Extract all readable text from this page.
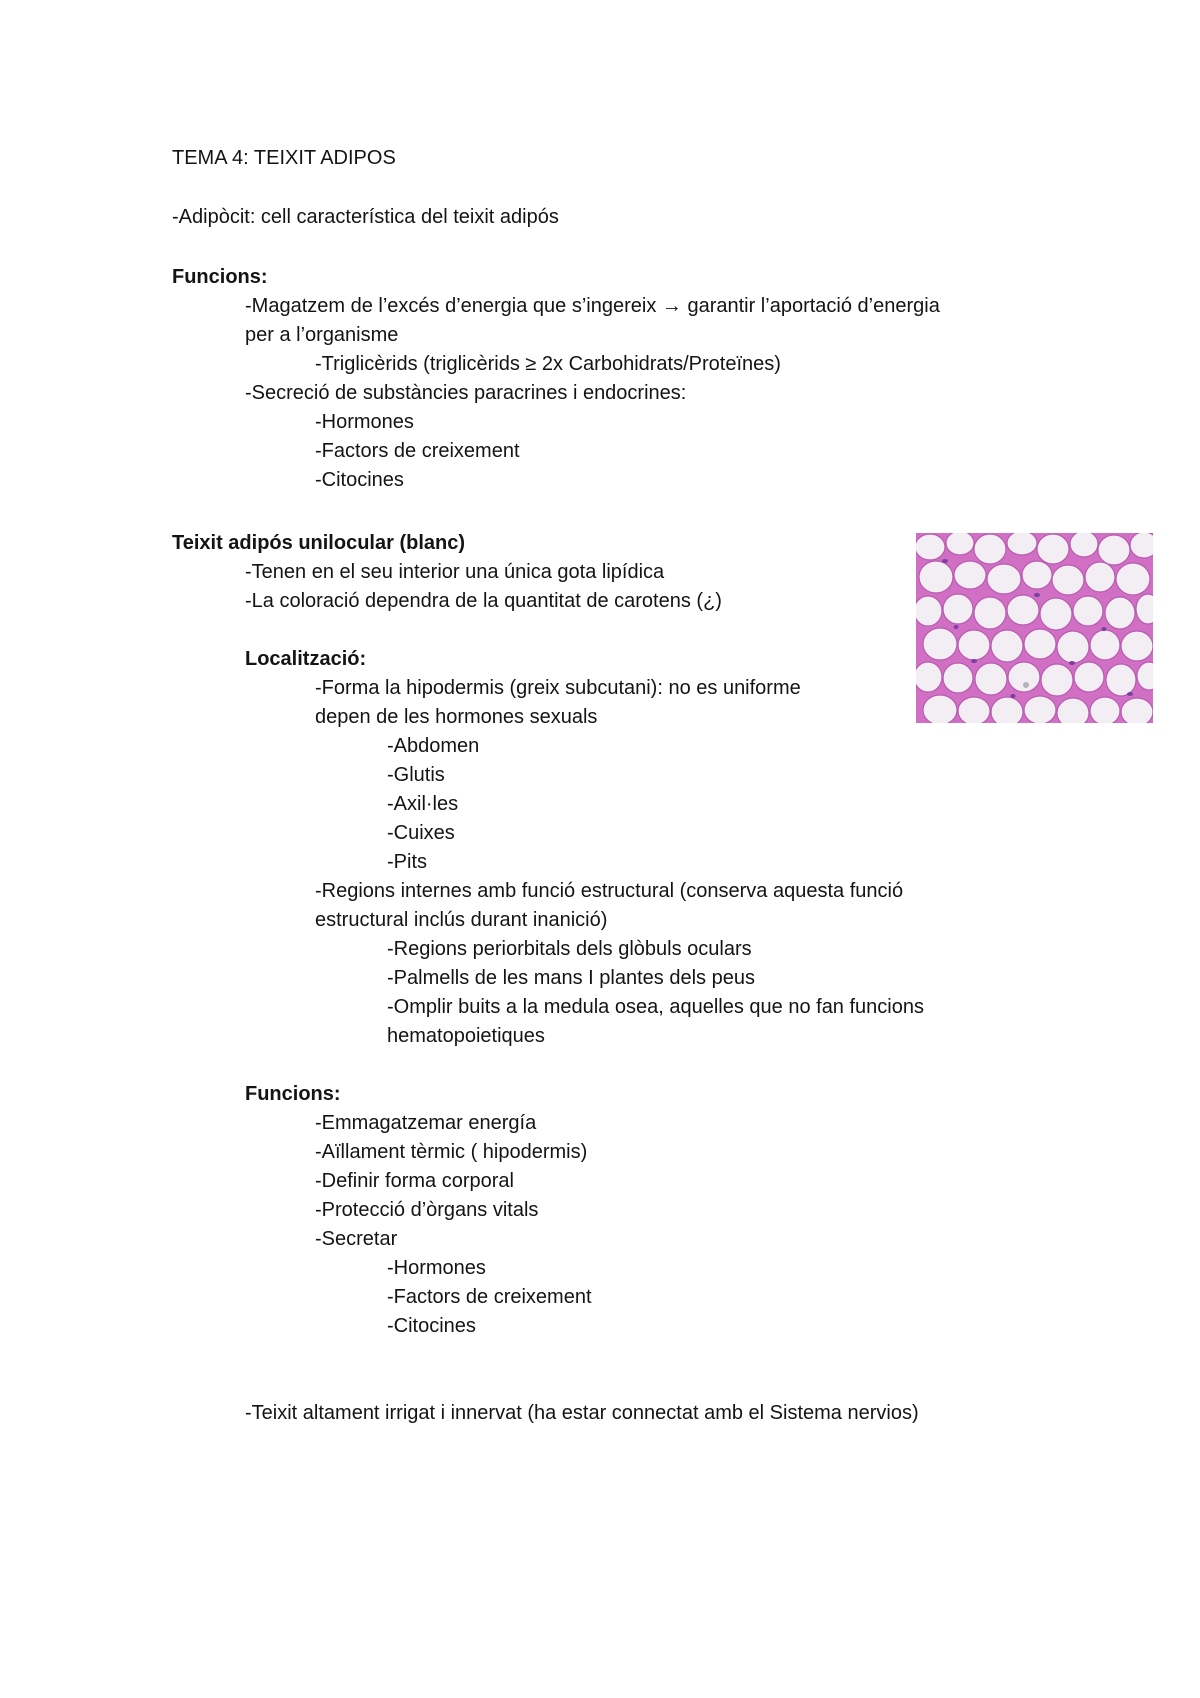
TEMA 4: TEIXIT ADIPOS
-Adipòcit: cell característica del teixit adipós
Funcions:
-Magatzem de l’excés d’energia que s’ingereix → garantir l’aportació d’energia
per a l’organisme
-Triglicèrids (triglicèrids ≥ 2x Carbohidrats/Proteïnes)
-Secreció de substàncies paracrines i endocrines:
-Hormones
-Factors de creixement
-Citocines
Teixit adipós unilocular (blanc)
-Tenen en el seu interior una única gota lipídica
-La coloració dependra de la quantitat de carotens (¿)
Localització:
-Forma la hipodermis (greix subcutani): no es uniforme
depen de les hormones sexuals
-Abdomen
-Glutis
-Axil·les
-Cuixes
-Pits
-Regions internes amb funció estructural (conserva aquesta funció
estructural inclús durant inanició)
-Regions periorbitals dels glòbuls oculars
-Palmells de les mans I plantes dels peus
-Omplir buits a la medula osea, aquelles que no fan funcions
hematopoietiques
Funcions:
-Emmagatzemar energía
-Aïllament tèrmic ( hipodermis)
-Definir forma corporal
-Protecció d’òrgans vitals
-Secretar
-Hormones
-Factors de creixement
-Citocines
-Teixit altament irrigat i innervat (ha estar connectat amb el Sistema nervios)
